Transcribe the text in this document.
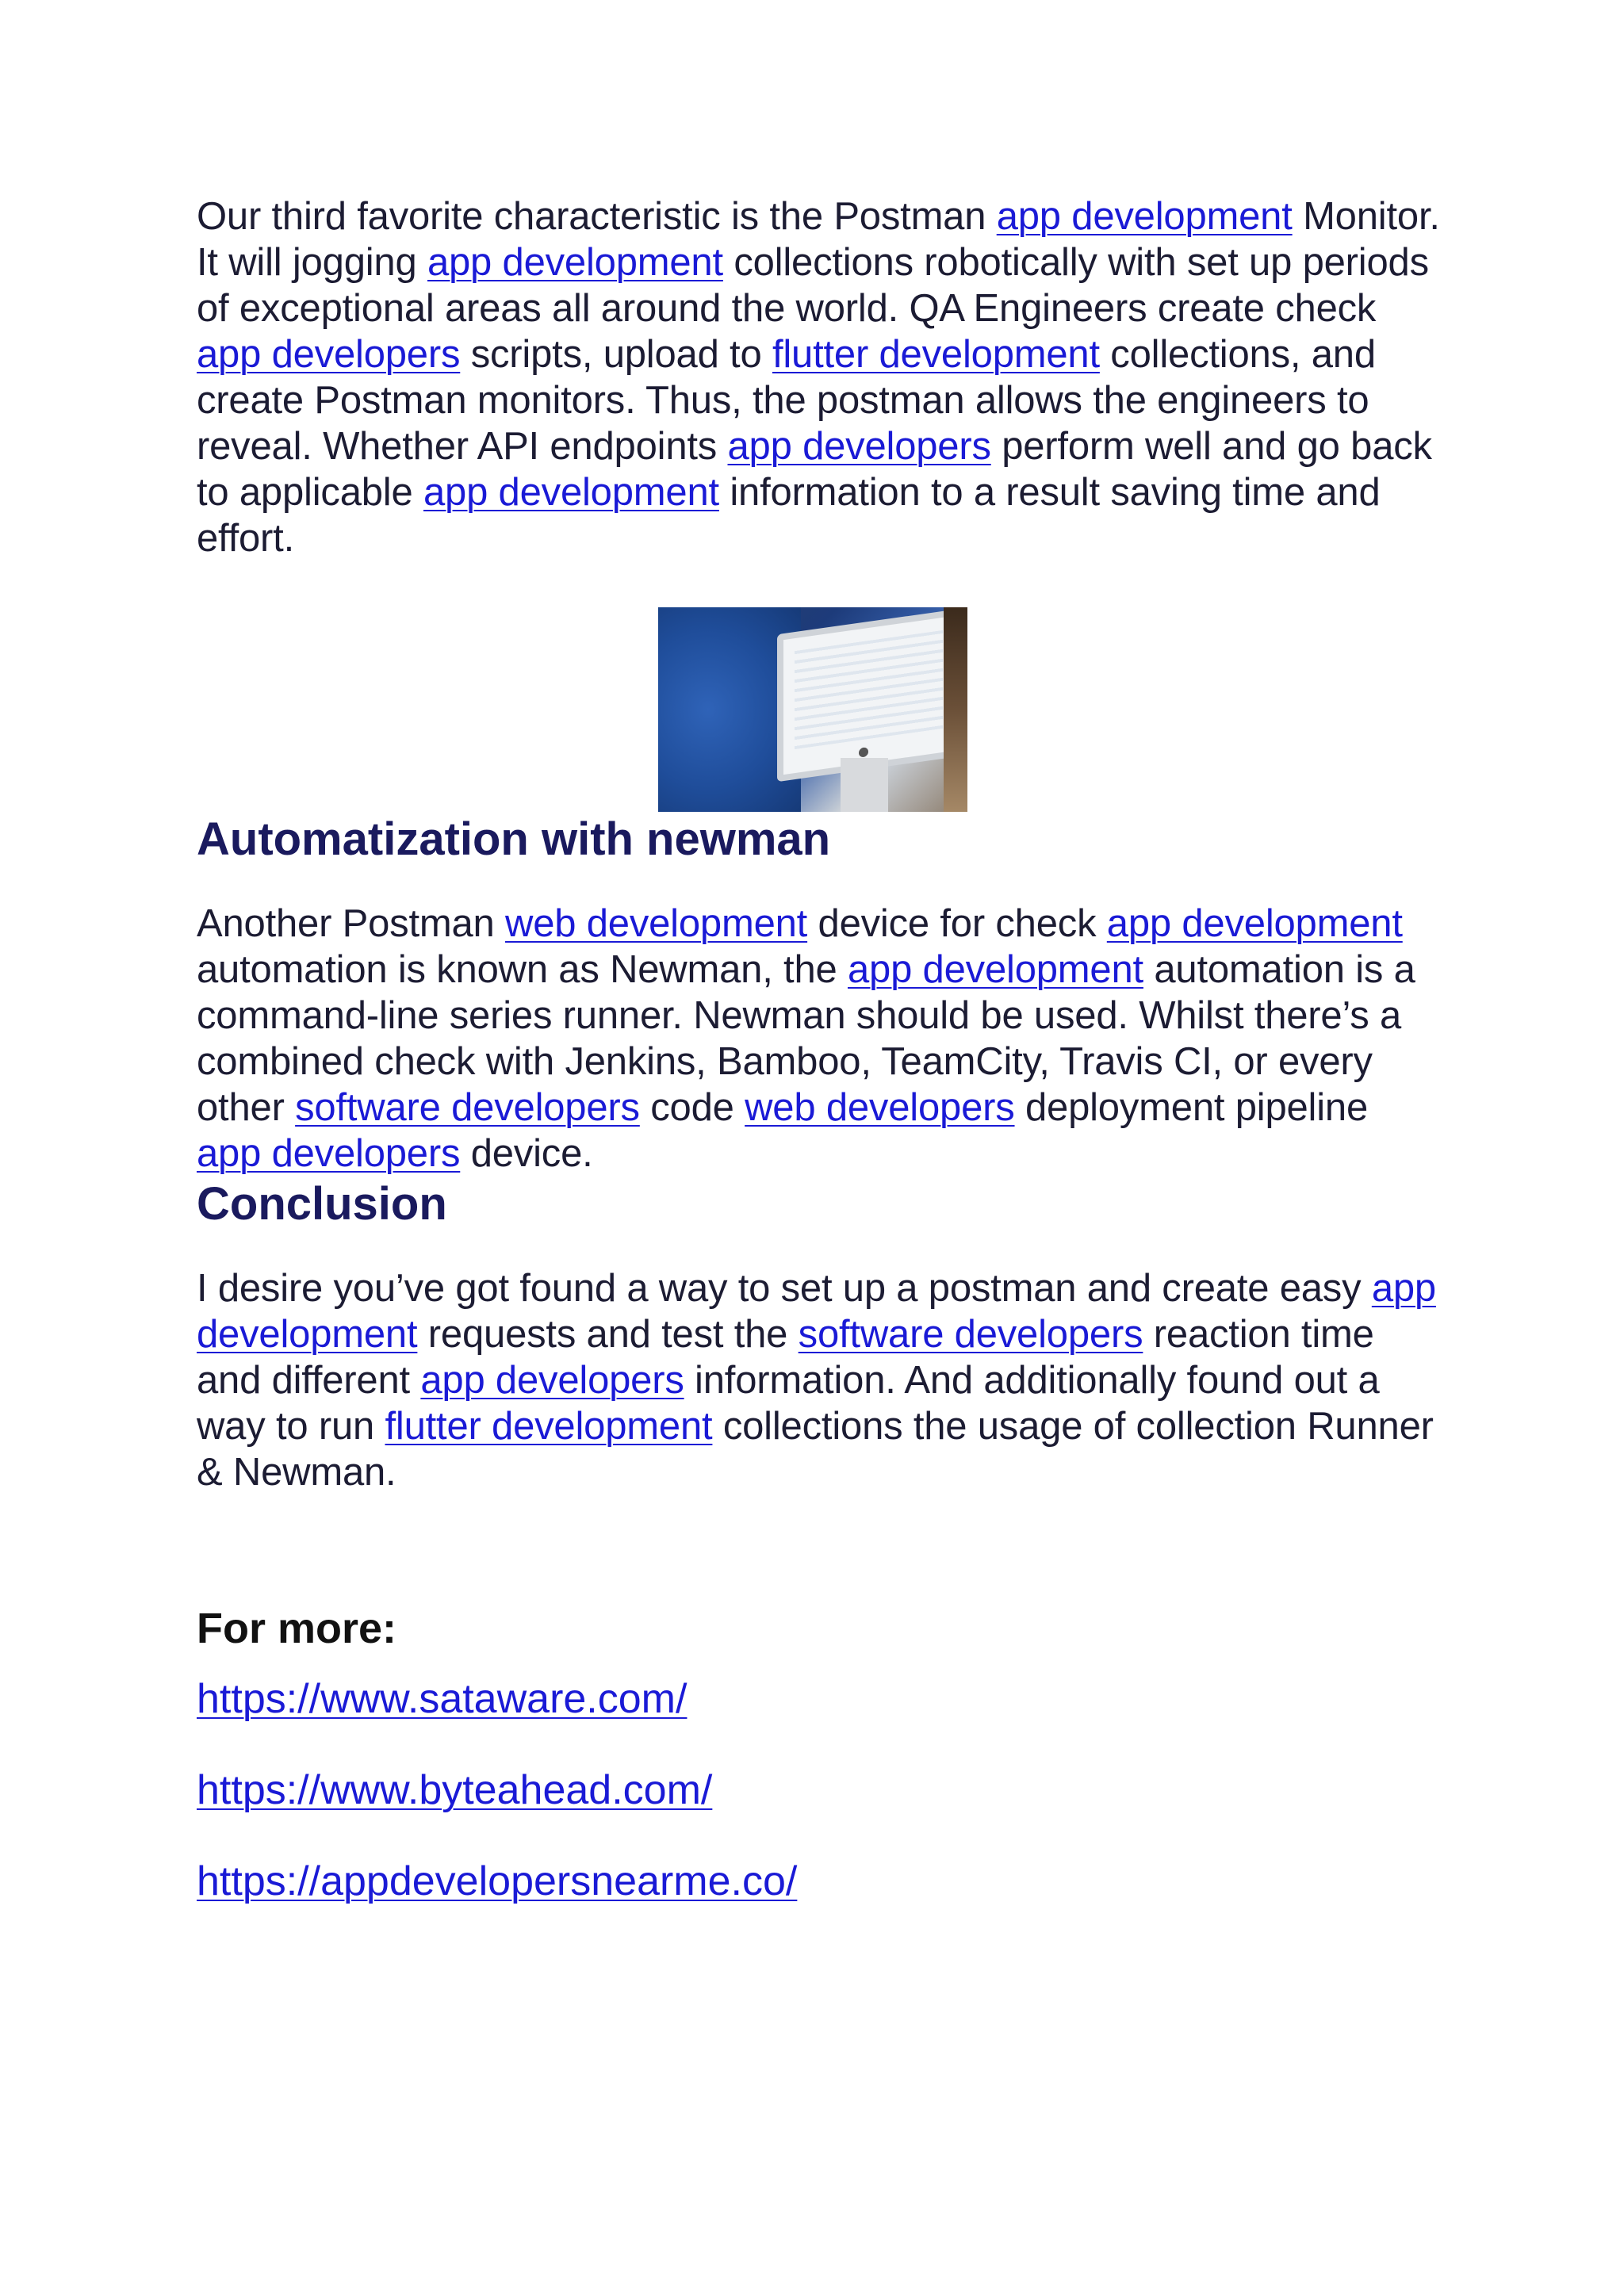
Our third favorite characteristic is the Postman app development Monitor. It will jogging app development collections robotically with set up periods of exceptional areas all around the world. QA Engineers create check app developers scripts, upload to flutter development collections, and create Postman monitors. Thus, the postman allows the engineers to reveal. Whether API endpoints app developers perform well and go back to applicable app development information to a result saving time and effort.

Automatization with newman

Another Postman web development device for check app development automation is known as Newman, the app development automation is a command-line series runner. Newman should be used. Whilst there’s a combined check with Jenkins, Bamboo, TeamCity, Travis CI, or every other software developers code web developers deployment pipeline app developers device.

Conclusion

I desire you’ve got found a way to set up a postman and create easy app development requests and test the software developers reaction time and different app developers information. And additionally found out a way to run flutter development collections the usage of collection Runner & Newman.

For more:

https://www.sataware.com/
https://www.byteahead.com/
https://appdevelopersnearme.co/
